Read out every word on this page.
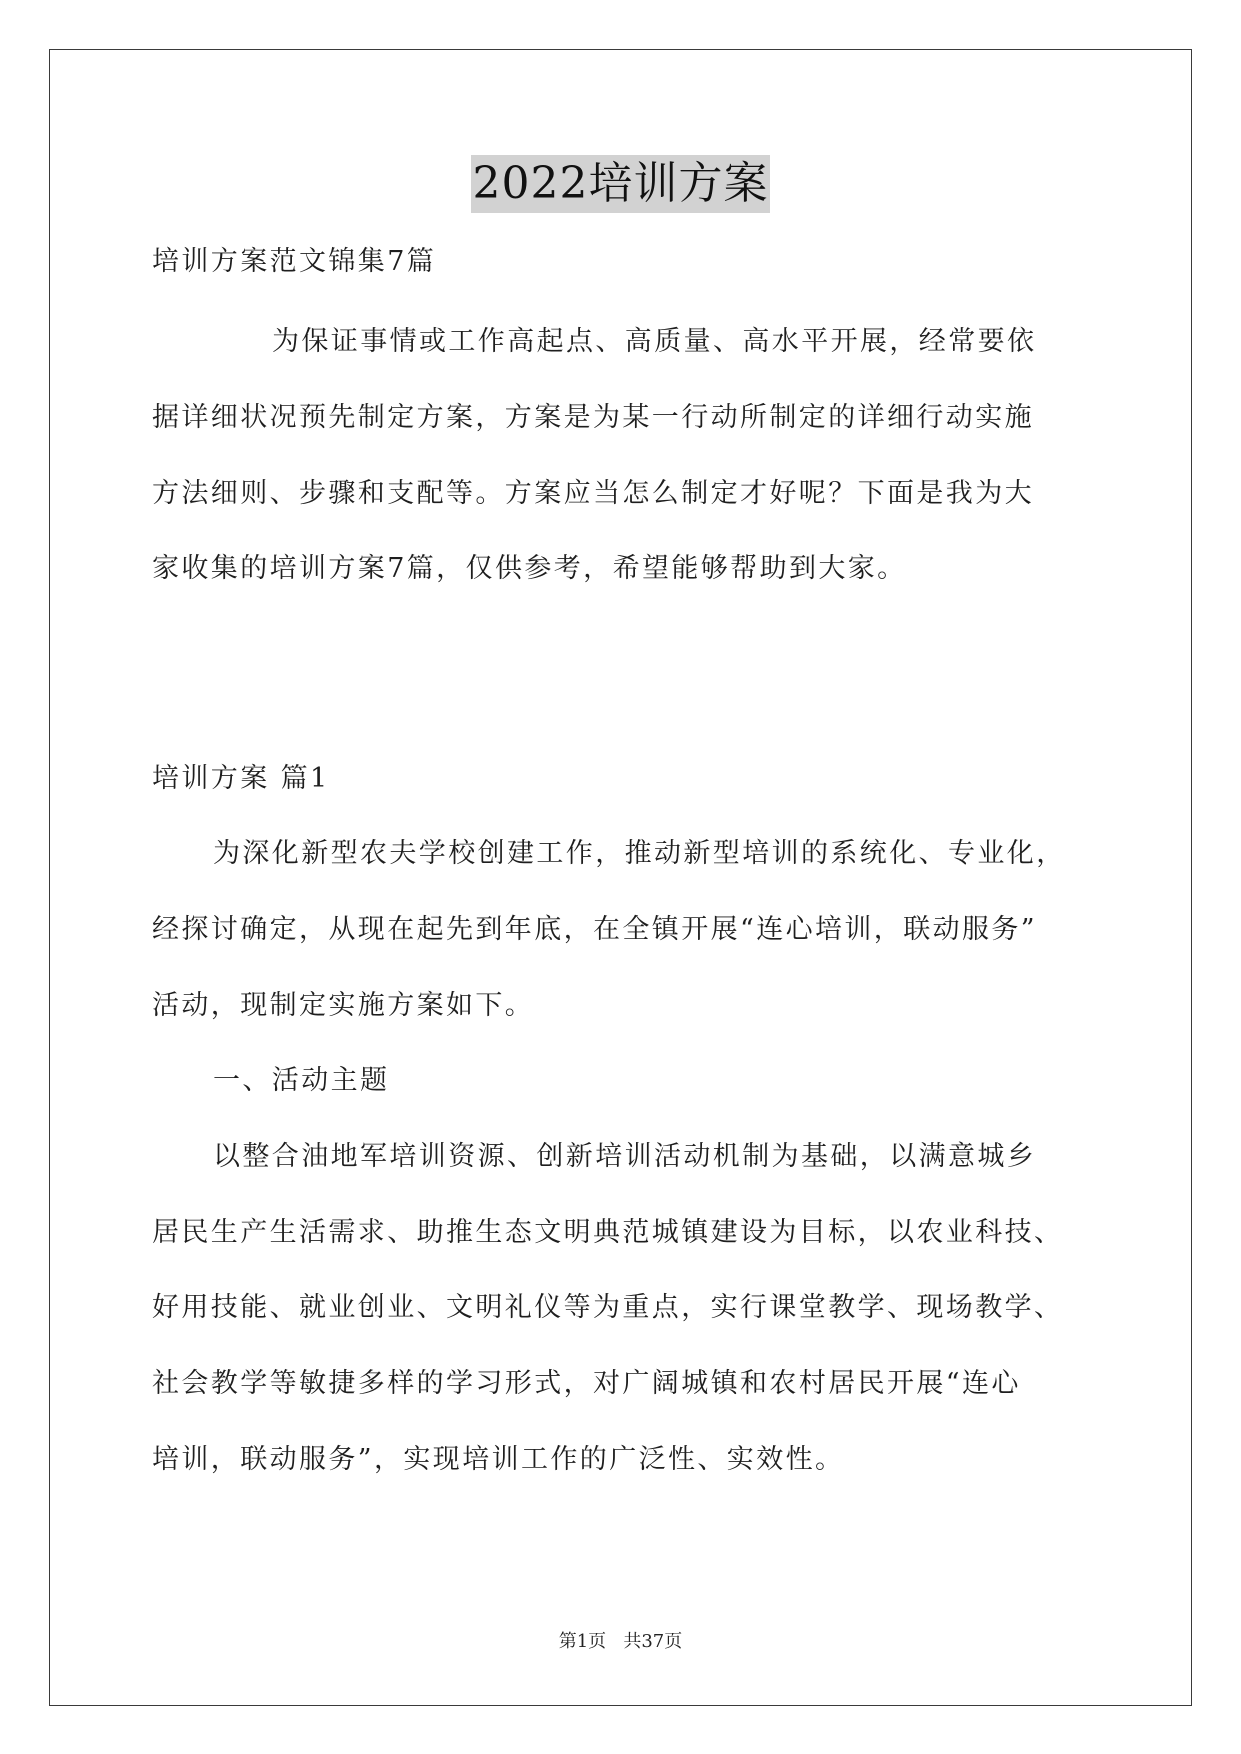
2022培训方案
培训方案范文锦集7篇
为保证事情或工作高起点、高质量、高水平开展，经常要依
据详细状况预先制定方案，方案是为某一行动所制定的详细行动实施
方法细则、步骤和支配等。方案应当怎么制定才好呢？下面是我为大
家收集的培训方案7篇，仅供参考，希望能够帮助到大家。
培训方案 篇1
为深化新型农夫学校创建工作，推动新型培训的系统化、专业化，
经探讨确定，从现在起先到年底，在全镇开展“连心培训，联动服务”
活动，现制定实施方案如下。
一、活动主题
以整合油地军培训资源、创新培训活动机制为基础，以满意城乡
居民生产生活需求、助推生态文明典范城镇建设为目标，以农业科技、
好用技能、就业创业、文明礼仪等为重点，实行课堂教学、现场教学、
社会教学等敏捷多样的学习形式，对广阔城镇和农村居民开展“连心
培训，联动服务”，实现培训工作的广泛性、实效性。
第1页   共37页
